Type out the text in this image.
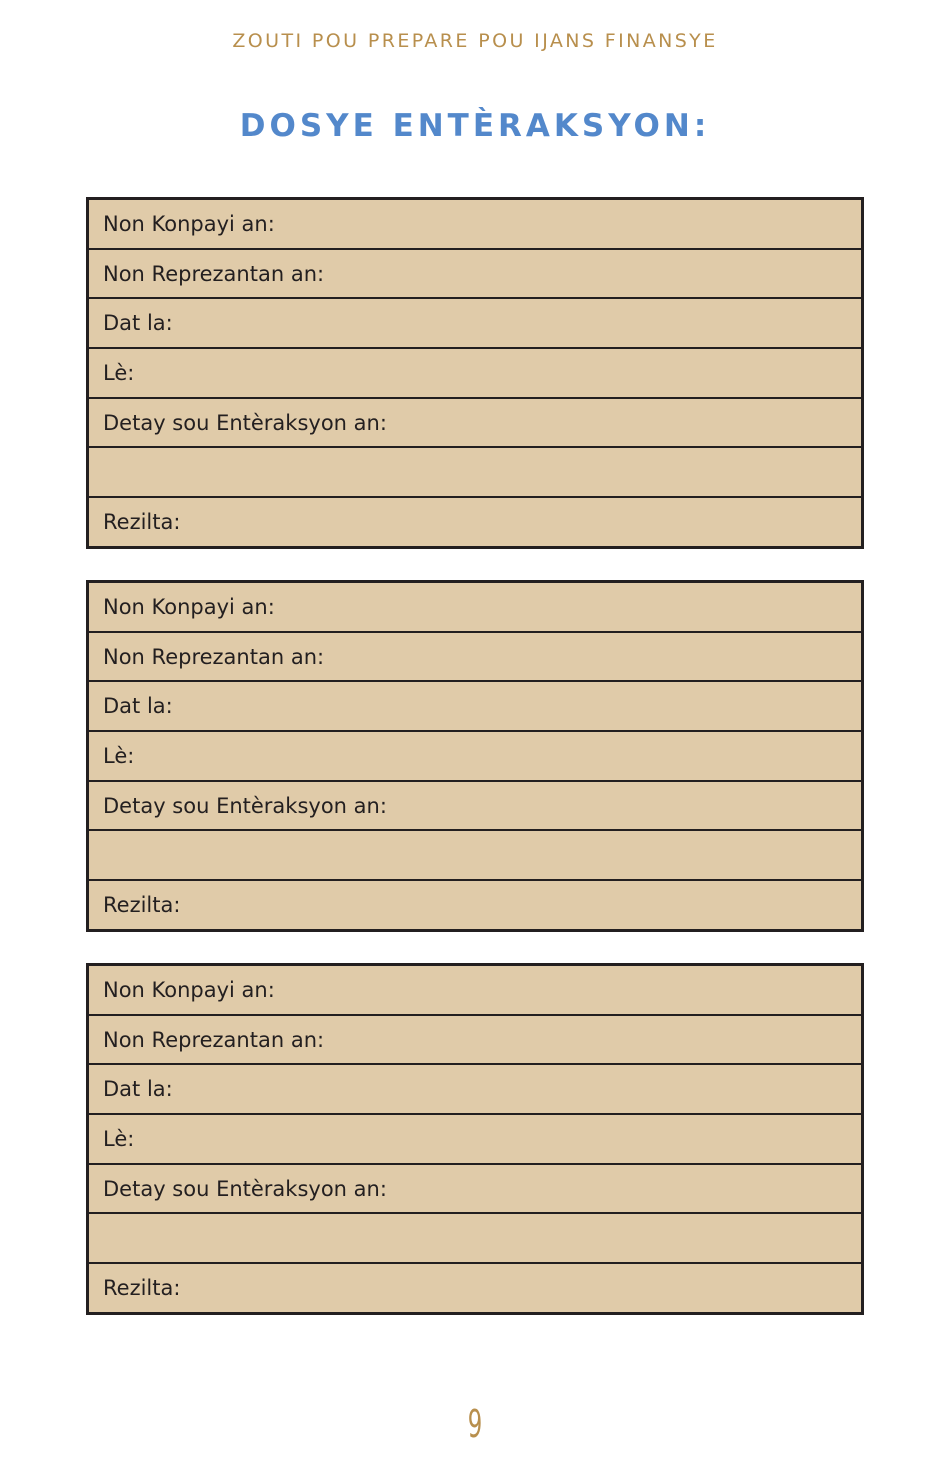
ZOUTI POU PREPARE POU IJANS FINANSYE
DOSYE ENTÈRAKSYON:
Non Konpayi an:
Non Reprezantan an:
Dat la:
Lè:
Detay sou Entèraksyon an:
Rezilta:
Non Konpayi an:
Non Reprezantan an:
Dat la:
Lè:
Detay sou Entèraksyon an:
Rezilta:
Non Konpayi an:
Non Reprezantan an:
Dat la:
Lè:
Detay sou Entèraksyon an:
Rezilta:
9
